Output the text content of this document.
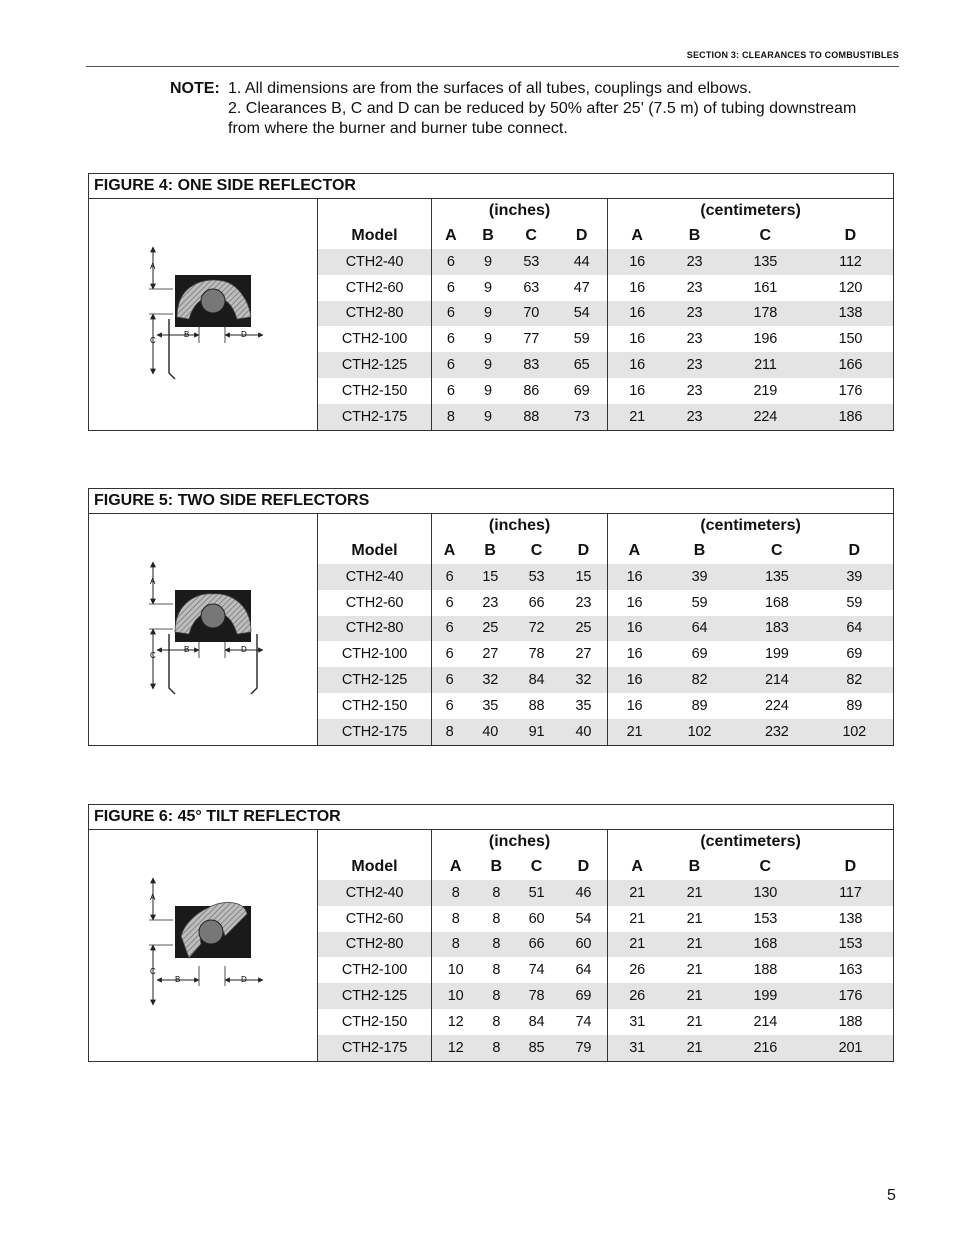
SECTION 3: CLEARANCES TO COMBUSTIBLES
NOTE: 1. All dimensions are from the surfaces of all tubes, couplings and elbows.
2. Clearances B, C and D can be reduced by 50% after 25' (7.5 m) of tubing downstream
from where the burner and burner tube connect.
FIGURE 4: ONE SIDE REFLECTOR
A
C
B	D
	(inches)				(centimeters)			
Model	A	B	C	D	A	B	C	D
CTH2-40	6	9	53	44	16	23	135	112
CTH2-60	6	9	63	47	16	23	161	120
CTH2-80	6	9	70	54	16	23	178	138
CTH2-100	6	9	77	59	16	23	196	150
CTH2-125	6	9	83	65	16	23	211	166
CTH2-150	6	9	86	69	16	23	219	176
CTH2-175	8	9	88	73	21	23	224	186
FIGURE 5: TWO SIDE REFLECTORS
A
C
B	D
	(inches)				(centimeters)			
Model	A	B	C	D	A	B	C	D
CTH2-40	6	15	53	15	16	39	135	39
CTH2-60	6	23	66	23	16	59	168	59
CTH2-80	6	25	72	25	16	64	183	64
CTH2-100	6	27	78	27	16	69	199	69
CTH2-125	6	32	84	32	16	82	214	82
CTH2-150	6	35	88	35	16	89	224	89
CTH2-175	8	40	91	40	21	102	232	102
FIGURE 6: 45° TILT REFLECTOR
A
C
B	D
	(inches)				(centimeters)			
Model	A	B	C	D	A	B	C	D
CTH2-40	8	8	51	46	21	21	130	117
CTH2-60	8	8	60	54	21	21	153	138
CTH2-80	8	8	66	60	21	21	168	153
CTH2-100	10	8	74	64	26	21	188	163
CTH2-125	10	8	78	69	26	21	199	176
CTH2-150	12	8	84	74	31	21	214	188
CTH2-175	12	8	85	79	31	21	216	201
5
